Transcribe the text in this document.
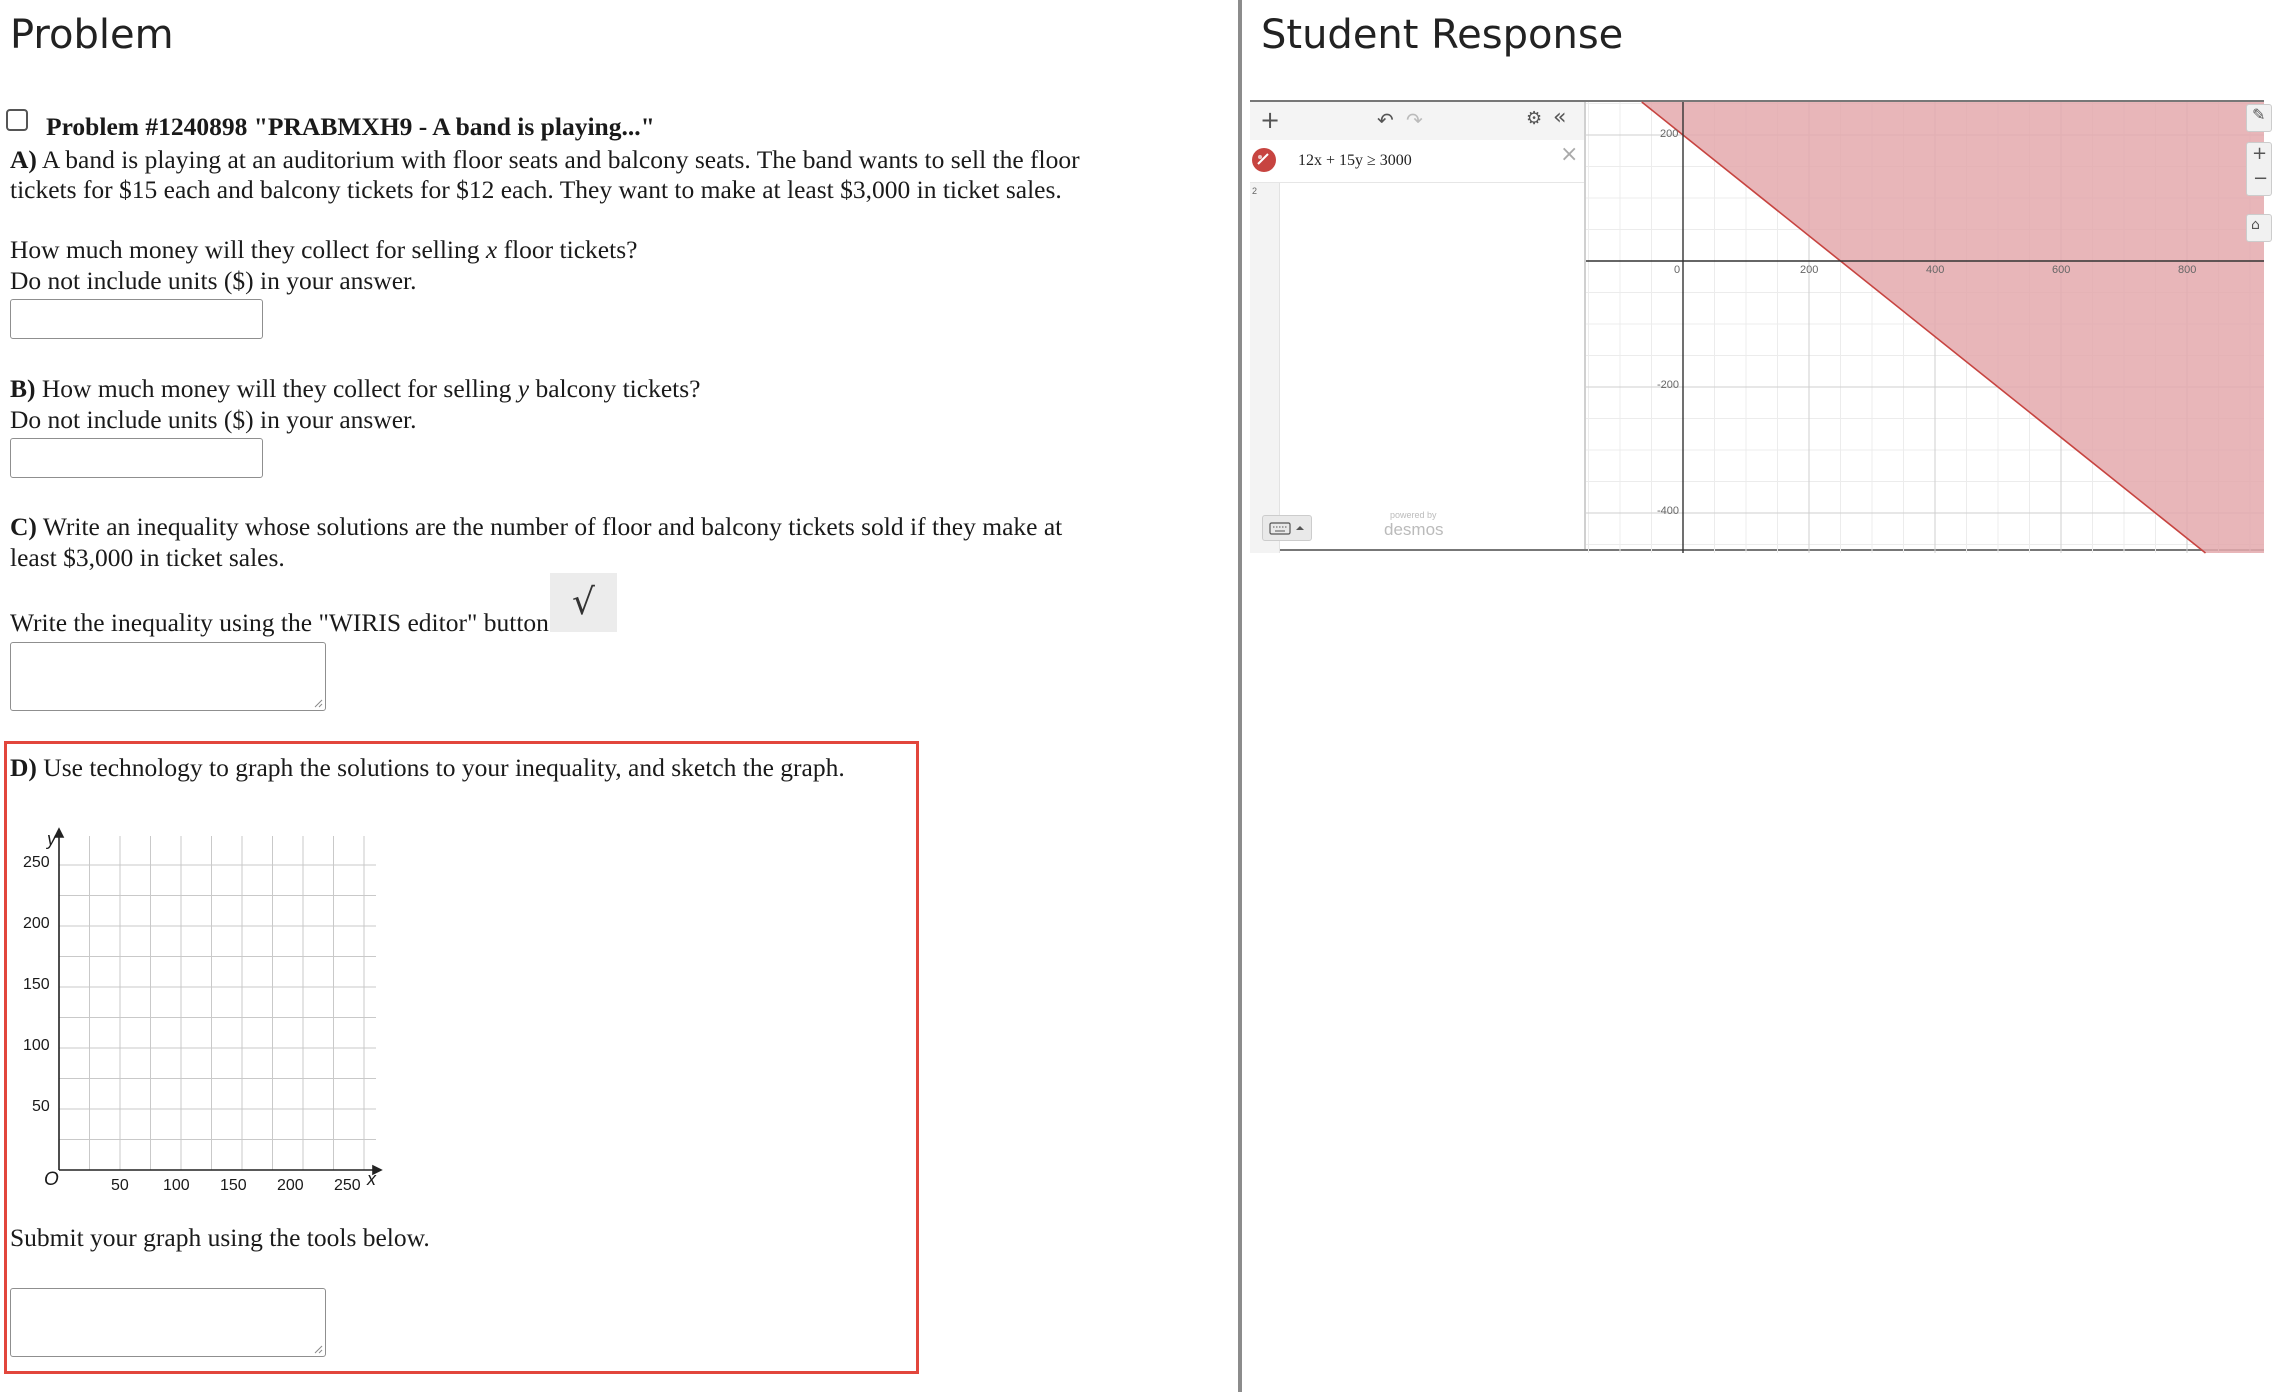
Problem
Problem #1240898 "PRABMXH9 - A band is playing..."
A) A band is playing at an auditorium with floor seats and balcony seats. The band wants to sell the floor
tickets for $15 each and balcony tickets for $12 each. They want to make at least $3,000 in ticket sales.
How much money will they collect for selling x floor tickets?
Do not include units ($) in your answer.
B) How much money will they collect for selling y balcony tickets?
Do not include units ($) in your answer.
C) Write an inequality whose solutions are the number of floor and balcony tickets sold if they make at
least $3,000 in ticket sales.
Write the inequality using the "WIRIS editor" button √
D) Use technology to graph the solutions to your inequality, and sketch the graph.
y
x
O
250
200
150
100
50
50 100 150 200 250
Submit your graph using the tools below.
Student Response
0	200	400	600	800
200
-200
-400
✎
+
−
⌂
+	↶ ↷	⚙ «
2
12x + 15y ≥ 3000	×
powered by
desmos
